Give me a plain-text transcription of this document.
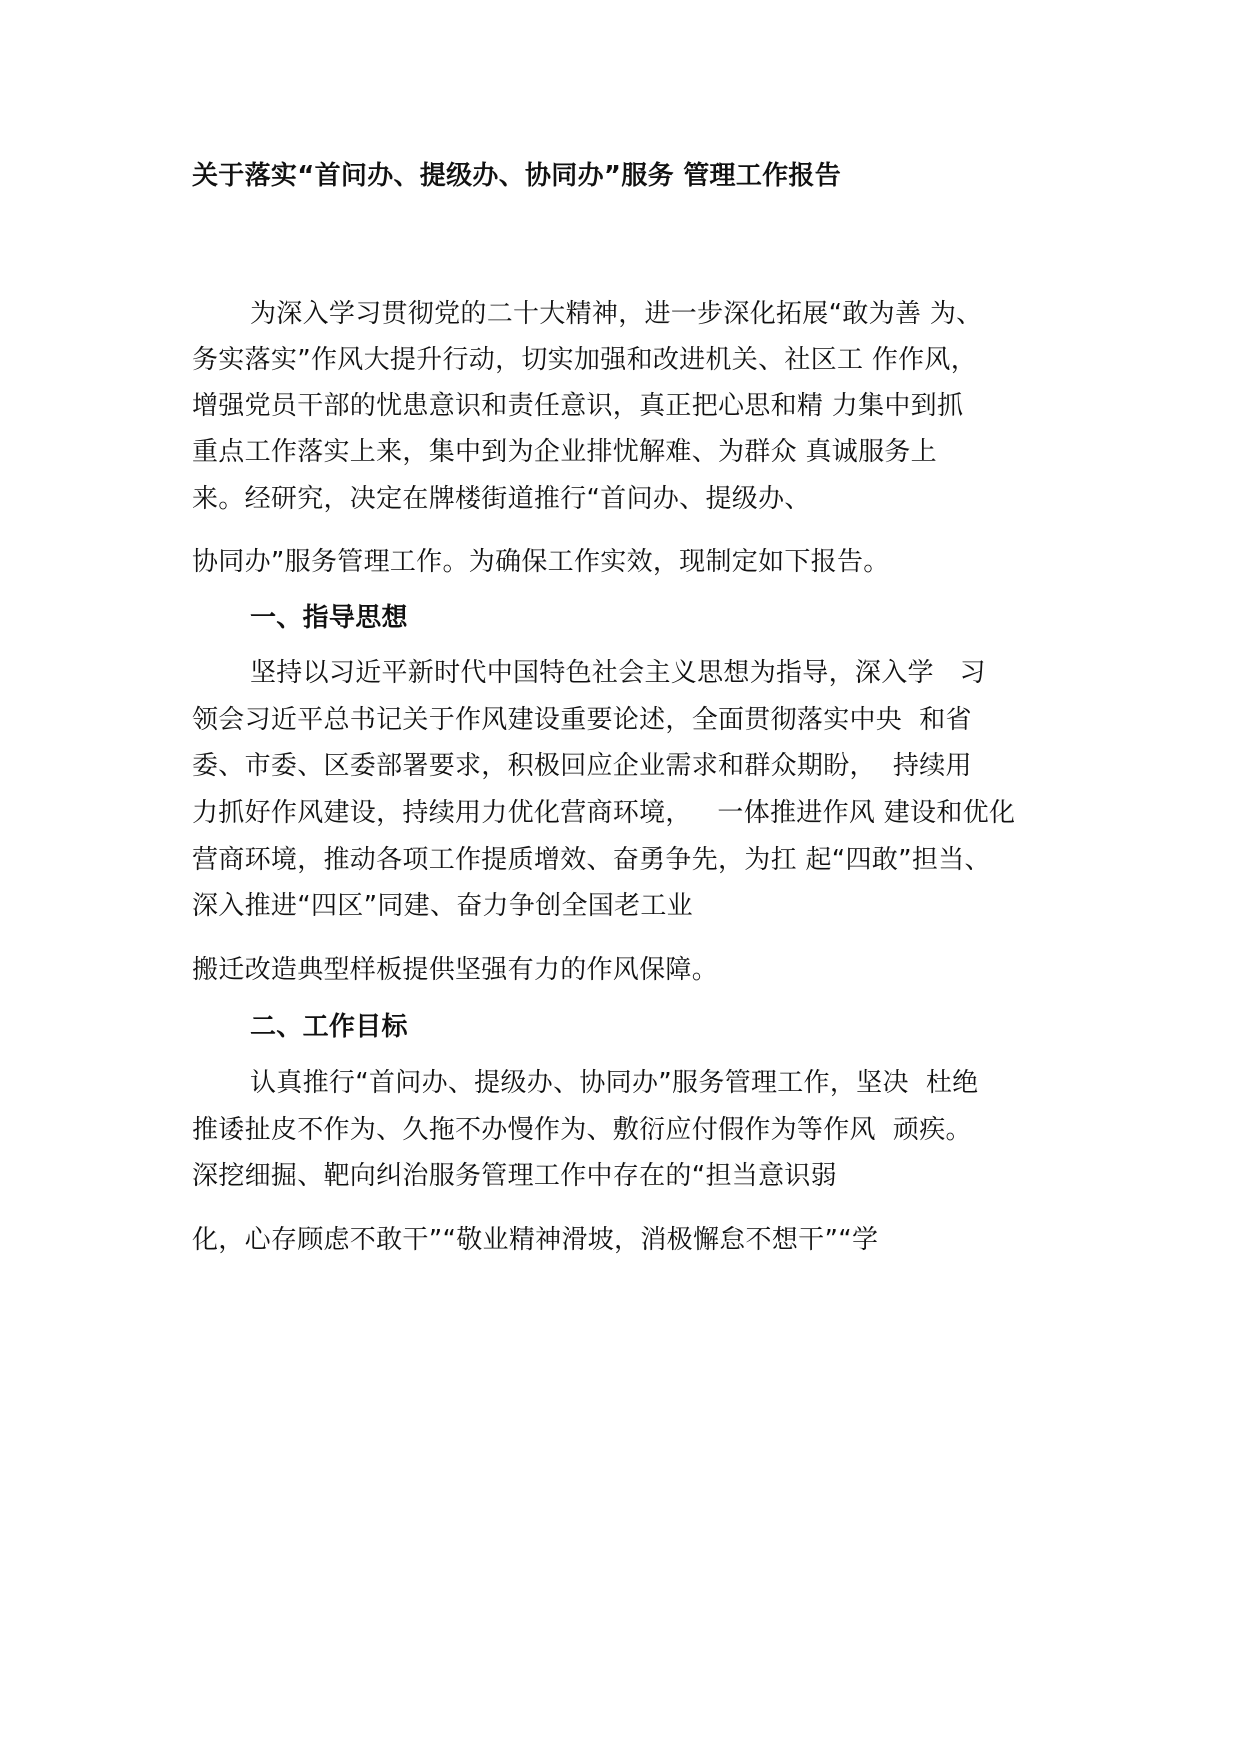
关于落实“首问办、提级办、协同办”服务 管理工作报告
为深入学习贯彻党的二十大精神，进一步深化拓展“敢为善 为、
务实落实”作风大提升行动，切实加强和改进机关、社区工 作作风，
增强党员干部的忧患意识和责任意识，真正把心思和精 力集中到抓
重点工作落实上来，集中到为企业排忧解难、为群众 真诚服务上
来。经研究，决定在牌楼街道推行“首问办、提级办、
协同办”服务管理工作。为确保工作实效，现制定如下报告。
一、指导思想
坚持以习近平新时代中国特色社会主义思想为指导，深入学   习
领会习近平总书记关于作风建设重要论述，全面贯彻落实中央  和省
委、市委、区委部署要求，积极回应企业需求和群众期盼，  持续用
力抓好作风建设，持续用力优化营商环境，   一体推进作风 建设和优化
营商环境，推动各项工作提质增效、奋勇争先，为扛 起“四敢”担当、
深入推进“四区”同建、奋力争创全国老工业
搬迁改造典型样板提供坚强有力的作风保障。
二、工作目标
认真推行“首问办、提级办、协同办”服务管理工作，坚决  杜绝
推诿扯皮不作为、久拖不办慢作为、敷衍应付假作为等作风  顽疾。
深挖细掘、靶向纠治服务管理工作中存在的“担当意识弱
化，心存顾虑不敢干”“敬业精神滑坡，消极懈怠不想干”“学
